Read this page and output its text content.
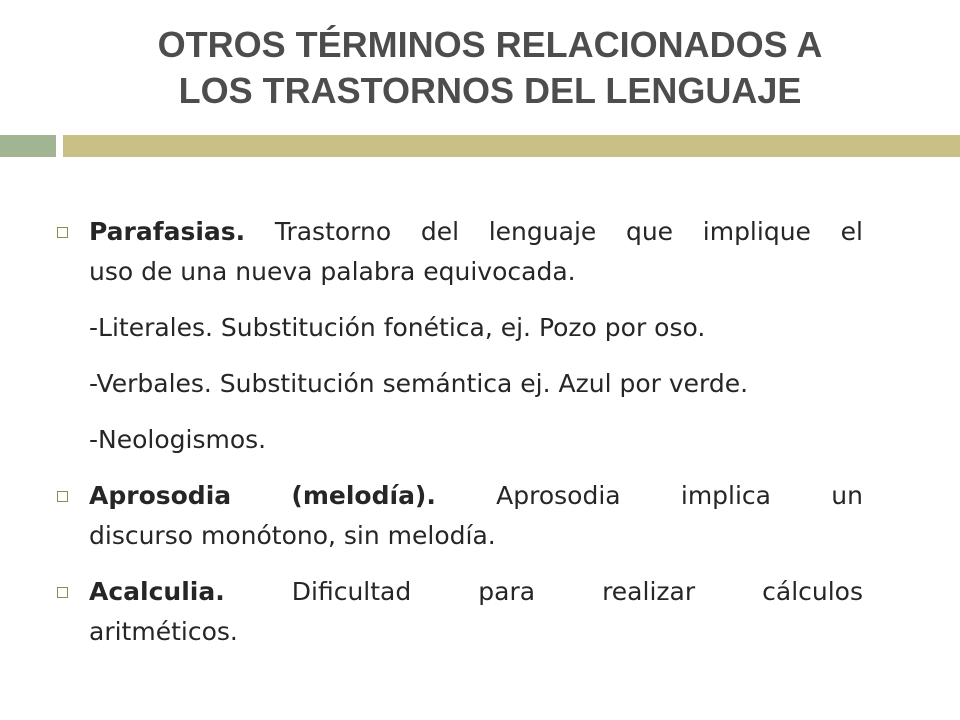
OTROS TÉRMINOS RELACIONADOS A
LOS TRASTORNOS DEL LENGUAJE
Parafasias. Trastorno del lenguaje que implique el
uso de una nueva palabra equivocada.
-Literales. Substitución fonética, ej. Pozo por oso.
-Verbales. Substitución semántica ej. Azul por verde.
-Neologismos.
Aprosodia (melodía). Aprosodia implica un
discurso monótono, sin melodía.
Acalculia.	Dificultad	para	realizar	cálculos
aritméticos.
